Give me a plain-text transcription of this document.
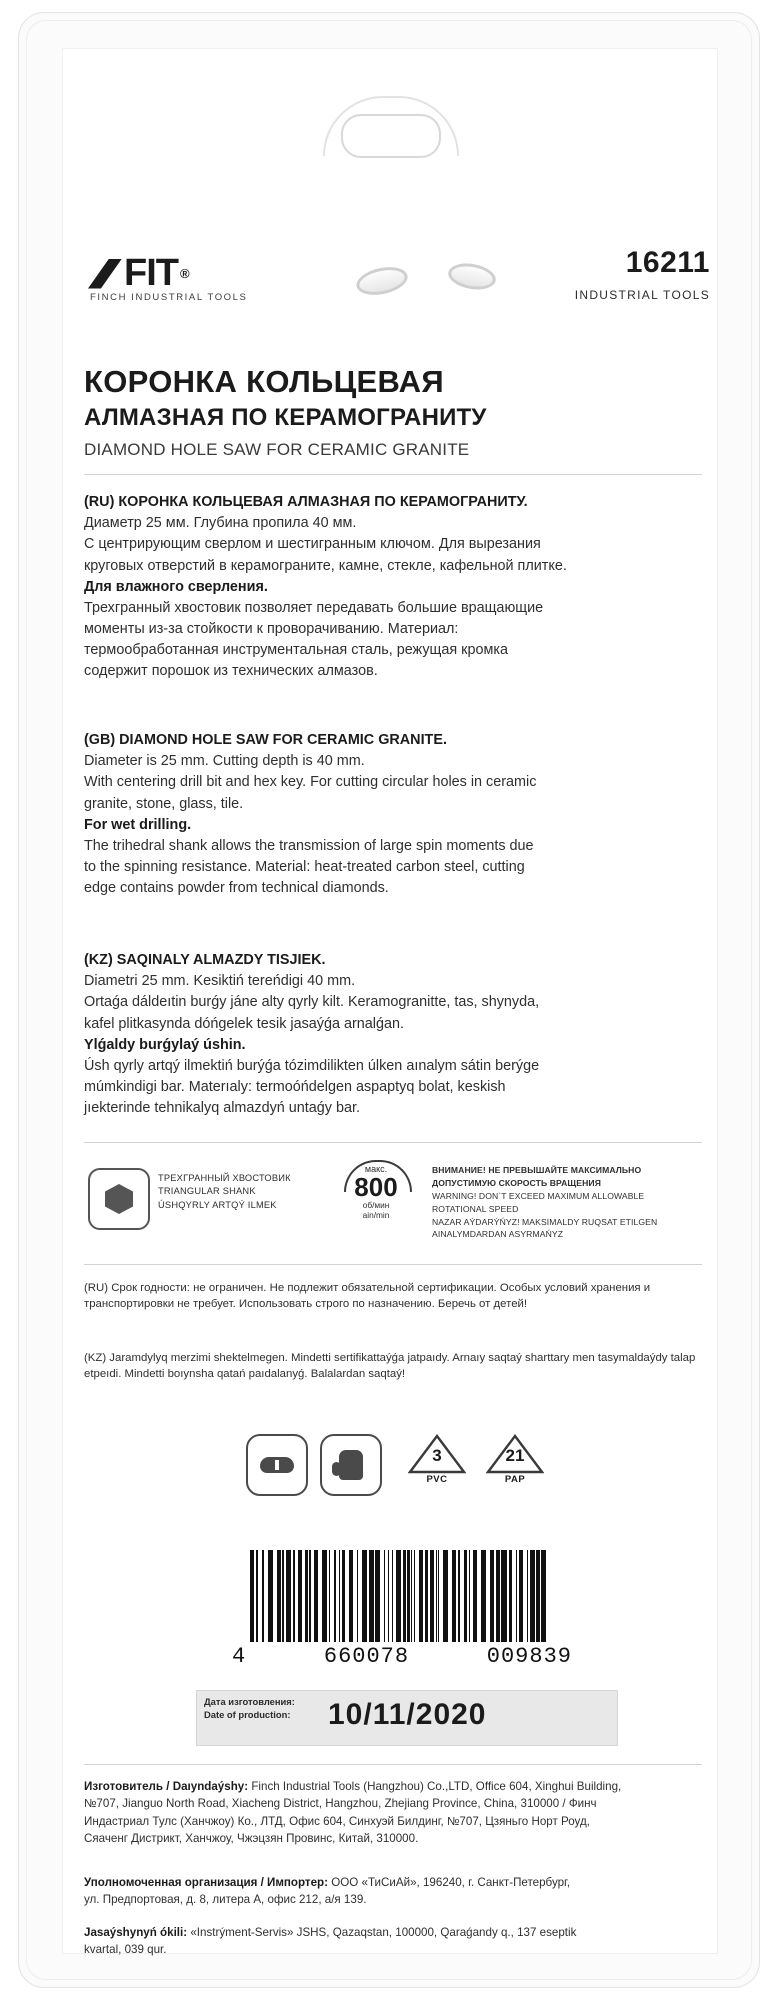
FIT ®
FINCH INDUSTRIAL TOOLS
16211
INDUSTRIAL TOOLS
КОРОНКА КОЛЬЦЕВАЯ
АЛМАЗНАЯ ПО КЕРАМОГРАНИТУ
DIAMOND HOLE SAW FOR CERAMIC GRANITE
(RU) КОРОНКА КОЛЬЦЕВАЯ АЛМАЗНАЯ ПО КЕРАМОГРАНИТУ.
Диаметр 25 мм. Глубина пропила 40 мм.
С центрирующим сверлом и шестигранным ключом. Для вырезания
круговых отверстий в керамограните, камне, стекле, кафельной плитке.
Для влажного сверления.
Трехгранный хвостовик позволяет передавать большие вращающие
моменты из-за стойкости к проворачиванию. Материал:
термообработанная инструментальная сталь, режущая кромка
содержит порошок из технических алмазов.
(GB) DIAMOND HOLE SAW FOR CERAMIC GRANITE.
Diameter is 25 mm. Cutting depth is 40 mm.
With centering drill bit and hex key. For cutting circular holes in ceramic
granite, stone, glass, tile.
For wet drilling.
The trihedral shank allows the transmission of large spin moments due
to the spinning resistance. Material: heat-treated carbon steel, cutting
edge contains powder from technical diamonds.
(KZ) SAQINALY ALMAZDY TISJIEK.
Diametri 25 mm. Kesіktіń tereńdigi 40 mm.
Ortaǵa dáldeıtin burǵy jáne alty qyrly kilt. Keramogranitte, tas, shynyda,
kafel plitkasynda dóńgelek tesik jasaýǵa arnalǵan.
Ylǵaldy burǵylaý úshin.
Úsh qyrly artqý ilmektіń burýǵa tózimdilikten úlken aınalym sátin berýge
múmkindigi bar. Materıaly: termoóńdelgen aspaptyq bolat, keskish
jıekterinde tehnikalyq almazdyń untaǵy bar.
ТРЕХГРАННЫЙ ХВОСТОВИК
TRIANGULAR SHANK
ÚSHQYRLY ARTQÝ ILMEK
макс.
800
об/мин
ain/min
ВНИМАНИЕ! НЕ ПРЕВЫШАЙТЕ МАКСИМАЛЬНО
ДОПУСТИМУЮ СКОРОСТЬ ВРАЩЕНИЯ
WARNING! DON`T EXCEED MAXIMUM ALLOWABLE
ROTATIONAL SPEED
NAZAR AÝDARÝŃYZ! MAKSIMALDY RUQSAT ETILGEN
AINALYMDARDAN ASYRMAŃYZ
(RU) Срок годности: не ограничен. Не подлежит обязательной сертификации. Особых условий хранения и транспортировки не требует. Использовать строго по назначению. Беречь от детей!
(KZ) Jaramdylyq merzimi shektelmegen. Mindetti sertifikattaýǵa jatpaıdy. Arnaıy saqtaý sharttary men tasymaldaýdy talap etpeıdi. Mindetti boıynsha qatań paıdalanyǵ. Balalardan saqtaý!
3
PVC
21
PAP
4	660078	009839
Дата изготовления:
Date of production:	10/11/2020
Изготовитель / Daıyndaýshy: Finch Industrial Tools (Hangzhou) Co.,LTD, Office 604, Xinghui Building,
№707, Jianguo North Road, Xiacheng District, Hangzhou, Zhejiang Province, China, 310000 / Финч
Индастриал Тулс (Ханчжоу) Ко., ЛТД, Офис 604, Синхуэй Билдинг, №707, Цзяньго Норт Роуд,
Сяаченг Дистрикт, Ханчжоу, Чжэцзян Провинс, Китай, 310000.
Уполномоченная организация / Импортер: ООО «ТиСиАй», 196240, г. Санкт-Петербург,
ул. Предпортовая, д. 8, литера А, офис 212, а/я 139.
Jasaýshynyń ókili: «Instrýment-Servis» JSHS, Qazaqstan, 100000, Qaraǵandy q., 137 eseptik
kvartal, 039 qur.
